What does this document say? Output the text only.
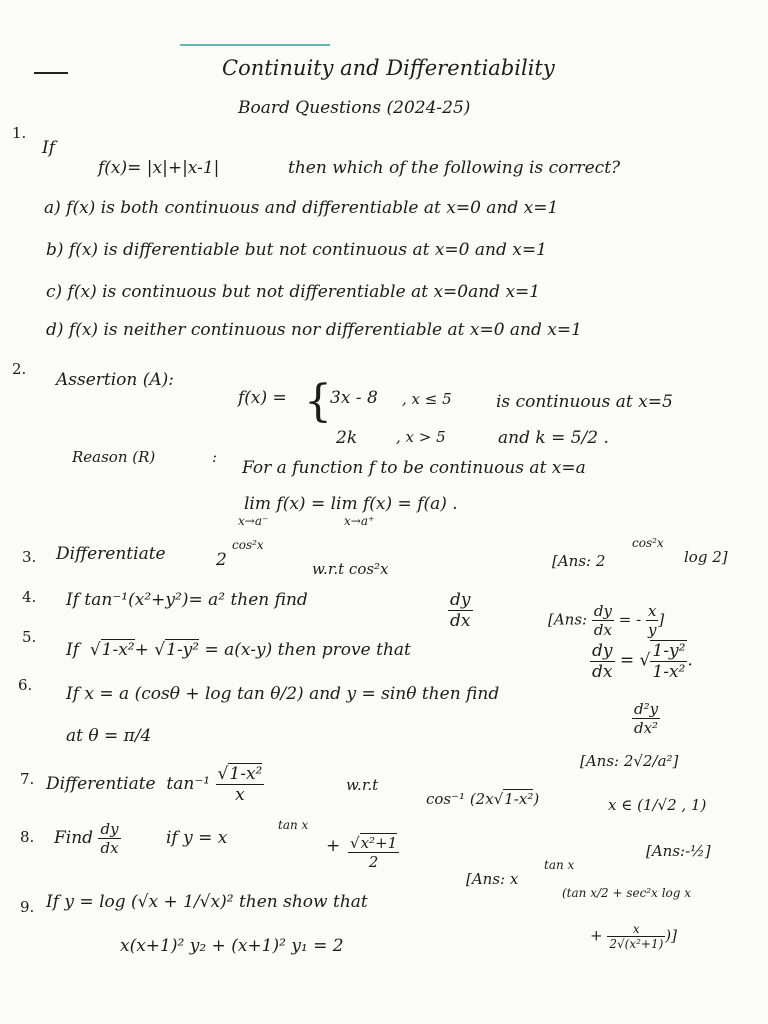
Continuity and Differentiability
Board Questions (2024-25)
1.
If
f(x)= |x|+|x-1|	then which of the following is correct?
a) f(x) is both continuous and differentiable at x=0 and x=1
b) f(x) is differentiable but not continuous at x=0 and x=1
c) f(x) is continuous but not differentiable at x=0and x=1
d) f(x) is neither continuous nor differentiable at x=0 and x=1
2.
Assertion (A):
f(x) = {
3x - 8 , x ≤ 5
2k	, x > 5
is continuous at x=5
and k = 5/2 .
Reason (R)	:
For a function f to be continuous at x=a
lim f(x) = lim f(x) = f(a) .
x→a⁻	x→a⁺
3. Differentiate	2
cos²x
w.r.t cos²x	[Ans: 2
cos²x
log 2]
4. If tan⁻¹(x²+y²)= a² then find	$\frac{dy}{dx}$	[Ans: $\frac{dy}{dx}$ = - $\frac{x}{y}$ ]
5.
If  √1-x²+ √1-y² = a(x-y) then prove that	$\frac{dy}{dx}$ = √ $\frac{\text{1-y²}}{\text{1-x²}}$ .
6. If x = a (cosθ + log tan θ/2) and y = sinθ then find
$\frac{\text{d²y}}{\text{dx²}}$
at θ = π/4
[Ans: 2√2/a²]
7. Differentiate $\tan^{-1} \frac{\text{√1-x²}}{x}$	w.r.t
cos⁻¹ (2x√1-x²)	x ∈ (1/√2 , 1)
8. Find $\frac{dy}{dx}$	if y = x
tan x
+ $\frac{\text{√x²+1}}{2}$	[Ans:-½]
[Ans: x
tan x
(tan x/2 + sec²x log x
+ $\frac{x}{\text{2√(x²+1)}}$ )]
9. If y = log (√x + 1/√x)² then show that
x(x+1)² y₂ + (x+1)² y₁ = 2
